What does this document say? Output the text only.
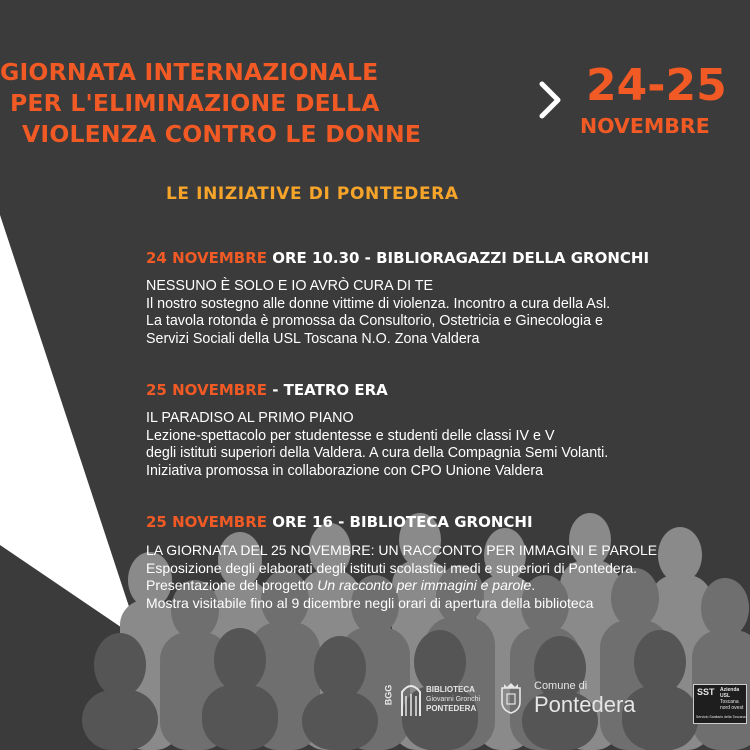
GIORNATA INTERNAZIONALE
PER L'ELIMINAZIONE DELLA
VIOLENZA CONTRO LE DONNE
24-25
NOVEMBRE
LE INIZIATIVE DI PONTEDERA
24 NOVEMBRE ORE 10.30 - BIBLIORAGAZZI DELLA GRONCHI
NESSUNO È SOLO E IO AVRÒ CURA DI TE
Il nostro sostegno alle donne vittime di violenza. Incontro a cura della Asl.
La tavola rotonda è promossa da Consultorio, Ostetricia e Ginecologia e
Servizi Sociali della USL Toscana N.O. Zona Valdera
25 NOVEMBRE - TEATRO ERA
IL PARADISO AL PRIMO PIANO
Lezione-spettacolo per studentesse e studenti delle classi IV e V
degli istituti superiori della Valdera. A cura della Compagnia Semi Volanti.
Iniziativa promossa in collaborazione con CPO Unione Valdera
25 NOVEMBRE ORE 16 - BIBLIOTECA GRONCHI
LA GIORNATA DEL 25 NOVEMBRE: UN RACCONTO PER IMMAGINI E PAROLE
Esposizione degli elaborati degli istituti scolastici medi e superiori di Pontedera.
Presentazione del progetto Un racconto per immagini e parole.
Mostra visitabile fino al 9 dicembre negli orari di apertura della biblioteca
BGG	BIBLIOTECA
Giovanni Gronchi
PONTEDERA
Comune di
Pontedera	SST Azienda
USL
Toscana
nord ovest
Servizio Sanitario della Toscana
